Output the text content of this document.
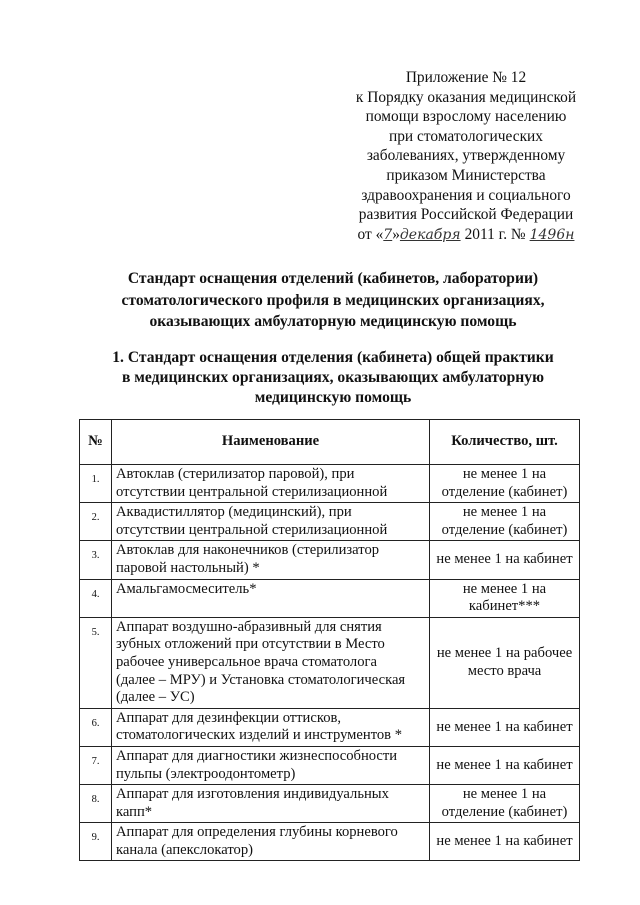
Приложение № 12
к Порядку оказания медицинской
помощи взрослому населению
при стоматологических
заболеваниях, утвержденному
приказом Министерства
здравоохранения и социального
развития Российской Федерации
от «7»декабря 2011 г. № 1496н
Стандарт оснащения отделений (кабинетов, лаборатории)
стоматологического профиля в медицинских организациях,
оказывающих амбулаторную медицинскую помощь
1. Стандарт оснащения отделения (кабинета) общей практики
в медицинских организациях, оказывающих амбулаторную
медицинскую помощь
№	Наименование	Количество, шт.
1.	Автоклав (стерилизатор паровой), при
отсутствии центральной стерилизационной	не менее 1 на
отделение (кабинет)

2.	Аквадистиллятор (медицинский), при
отсутствии центральной стерилизационной	не менее 1 на
отделение (кабинет)

3.	Автоклав для наконечников (стерилизатор
паровой настольный) *	не менее 1 на кабинет

4.	Амальгамосмеситель*	не менее 1 на
кабинет***

5.	Аппарат воздушно-абразивный для снятия
зубных отложений при отсутствии в Место
рабочее универсальное врача стоматолога
(далее – МРУ) и Установка стоматологическая
(далее – УС)	не менее 1 на рабочее
место врача

6.	Аппарат для дезинфекции оттисков,
стоматологических изделий и инструментов *	не менее 1 на кабинет

7.	Аппарат для диагностики жизнеспособности
пульпы (электроодонтометр)	не менее 1 на кабинет

8.	Аппарат для изготовления индивидуальных
капп*	не менее 1 на
отделение (кабинет)

9.	Аппарат для определения глубины корневого
канала (апекслокатор)	не менее 1 на кабинет
